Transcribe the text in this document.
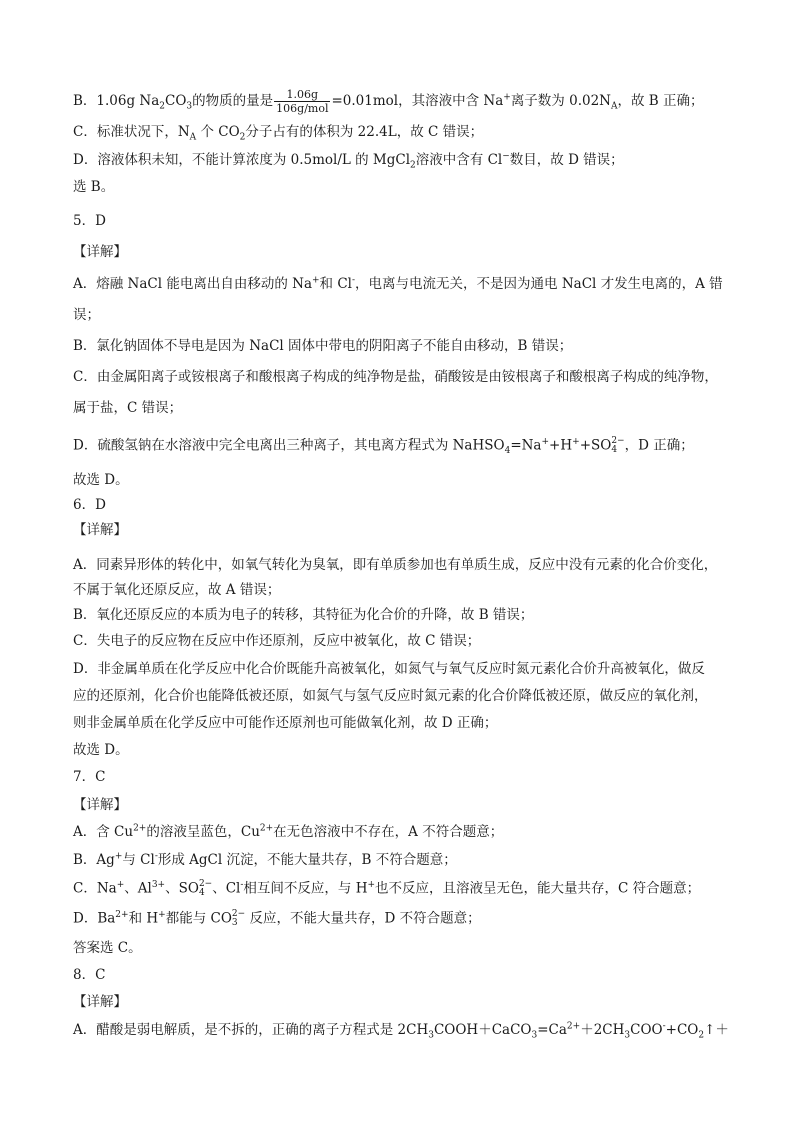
B．1.06g $Na_2CO_3$的物质的量是 $\frac{1.06g}{\text{106g/mol}} =0.01mol$，其溶液中含 Na+离子数为 $0.02N_A$，故 B 正确；
C．标准状况下，$N_A$ 个 $CO_2$分子占有的体积为 22.4L，故 C 错误；
D．溶液体积未知，不能计算浓度为 0.5mol/L 的 MgCl$_2$溶液中含有 Cl−数目，故 D 错误；
选 B。
5．D
【详解】
A．熔融 NaCl 能电离出自由移动的 Na+和 Cl-，电离与电流无关，不是因为通电 NaCl 才发生电离的，A 错
误；
B．氯化钠固体不导电是因为 NaCl 固体中带电的阴阳离子不能自由移动，B 错误；
C．由金属阳离子或铵根离子和酸根离子构成的纯净物是盐，硝酸铵是由铵根离子和酸根离子构成的纯净物，
属于盐，C 错误；
D．硫酸氢钠在水溶液中完全电离出三种离子，其电离方程式为 NaHSO$_4$=Na++H++SO 2−
4 ，D 正确；
故选 D。
6．D
【详解】
A．同素异形体的转化中，如氧气转化为臭氧，即有单质参加也有单质生成，反应中没有元素的化合价变化，
不属于氧化还原反应，故 A 错误；
B．氧化还原反应的本质为电子的转移，其特征为化合价的升降，故 B 错误；
C．失电子的反应物在反应中作还原剂，反应中被氧化，故 C 错误；
D．非金属单质在化学反应中化合价既能升高被氧化，如氮气与氧气反应时氮元素化合价升高被氧化，做反
应的还原剂，化合价也能降低被还原，如氮气与氢气反应时氮元素的化合价降低被还原，做反应的氧化剂，
则非金属单质在化学反应中可能作还原剂也可能做氧化剂，故 D 正确；
故选 D。
7．C
【详解】
A．含 $Cu^{2+}$的溶液呈蓝色，$Cu^{2+}$在无色溶液中不存在，A 不符合题意；
B．Ag+与 Cl-形成 AgCl 沉淀，不能大量共存，B 不符合题意；
C．Na+、$Al^{3+}$、SO 2−
4 、Cl-相互间不反应，与 H+也不反应，且溶液呈无色，能大量共存，C 符合题意；
D．$Ba^{2+}$和 H+都能与 CO 2−
3 反应，不能大量共存，D 不符合题意；
答案选 C。
8．C
【详解】
A．醋酸是弱电解质，是不拆的，正确的离子方程式是 $2CH_3COOH+CaCO_3=Ca^{2+}+2CH_3COO^-+CO_2↑+$
